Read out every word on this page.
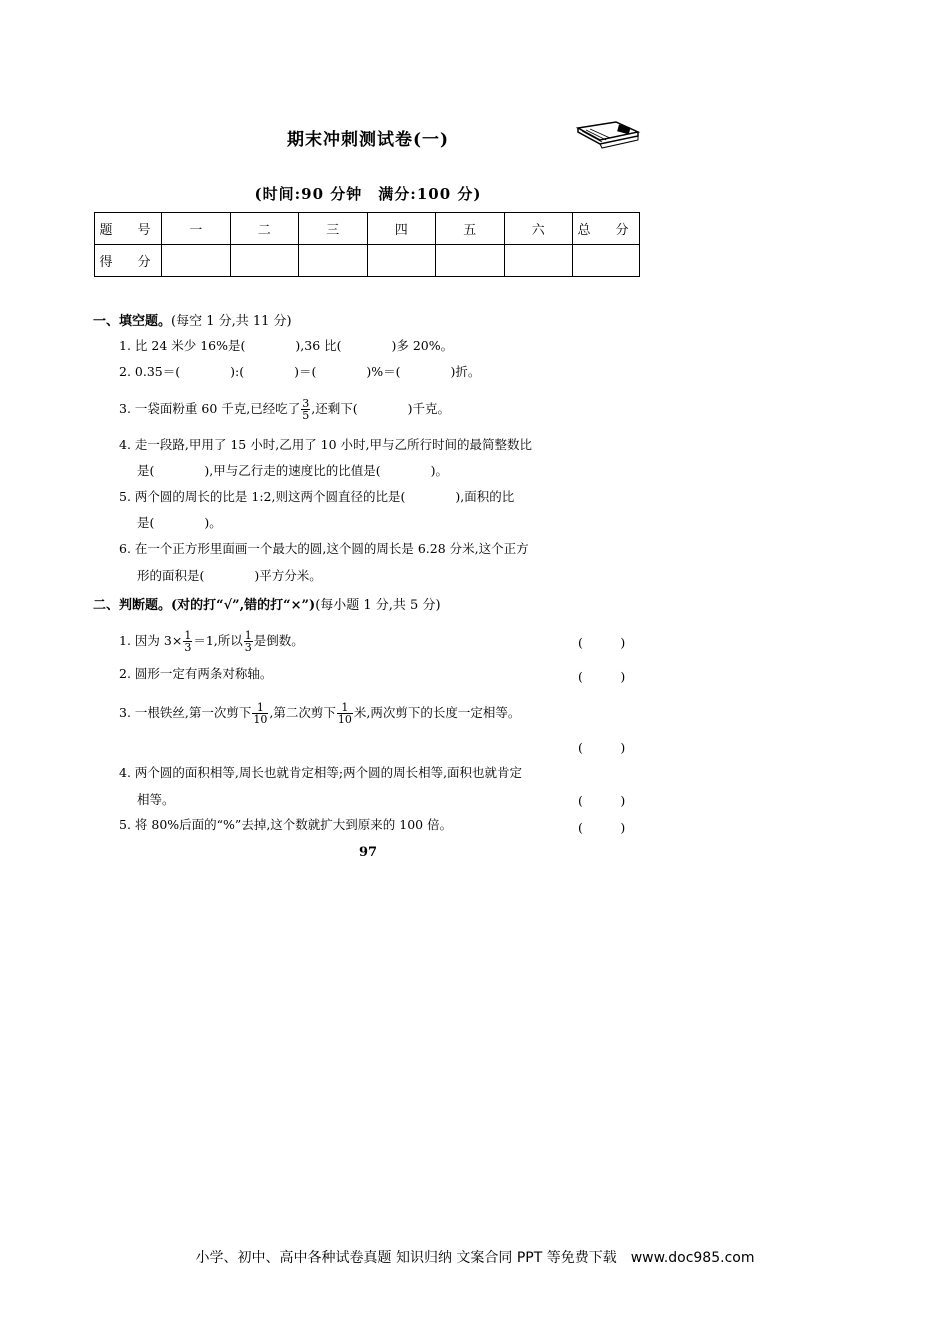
期末冲刺测试卷(一)
(时间:90 分钟　满分:100 分)
题　号	一	二	三	四	五	六	总　分
得　分							
一、填空题。(每空 1 分,共 11 分)
1. 比 24 米少 16%是(　　　　),36 比(　　　　)多 20%。
2. 0.35＝(　　　　):(　　　　)＝(　　　　)%＝(　　　　)折。
3. 一袋面粉重 60 千克,已经吃了 $\frac{3}{5}$ ,还剩下(　　　　)千克。
4. 走一段路,甲用了 15 小时,乙用了 10 小时,甲与乙所行时间的最简整数比
是(　　　　),甲与乙行走的速度比的比值是(　　　　)。
5. 两个圆的周长的比是 1:2,则这两个圆直径的比是(　　　　),面积的比
是(　　　　)。
6. 在一个正方形里面画一个最大的圆,这个圆的周长是 6.28 分米,这个正方
形的面积是(　　　　)平方分米。
二、判断题。(对的打“√”,错的打“×”)(每小题 1 分,共 5 分)
1. 因为 $3\times \frac{1}{3} =1$,所以 $\frac{1}{3}$ 是倒数。	(　　　)
2. 圆形一定有两条对称轴。	(　　　)
3. 一根铁丝,第一次剪下 $\frac{1}{10}$ ,第二次剪下 $\frac{1}{10}$ 米,两次剪下的长度一定相等。
(　　　)
4. 两个圆的面积相等,周长也就肯定相等;两个圆的周长相等,面积也就肯定
相等。	(　　　)
5. 将 80%后面的“%”去掉,这个数就扩大到原来的 100 倍。	(　　　)
97
小学、初中、高中各种试卷真题 知识归纳 文案合同 PPT 等免费下载　www.doc985.com
